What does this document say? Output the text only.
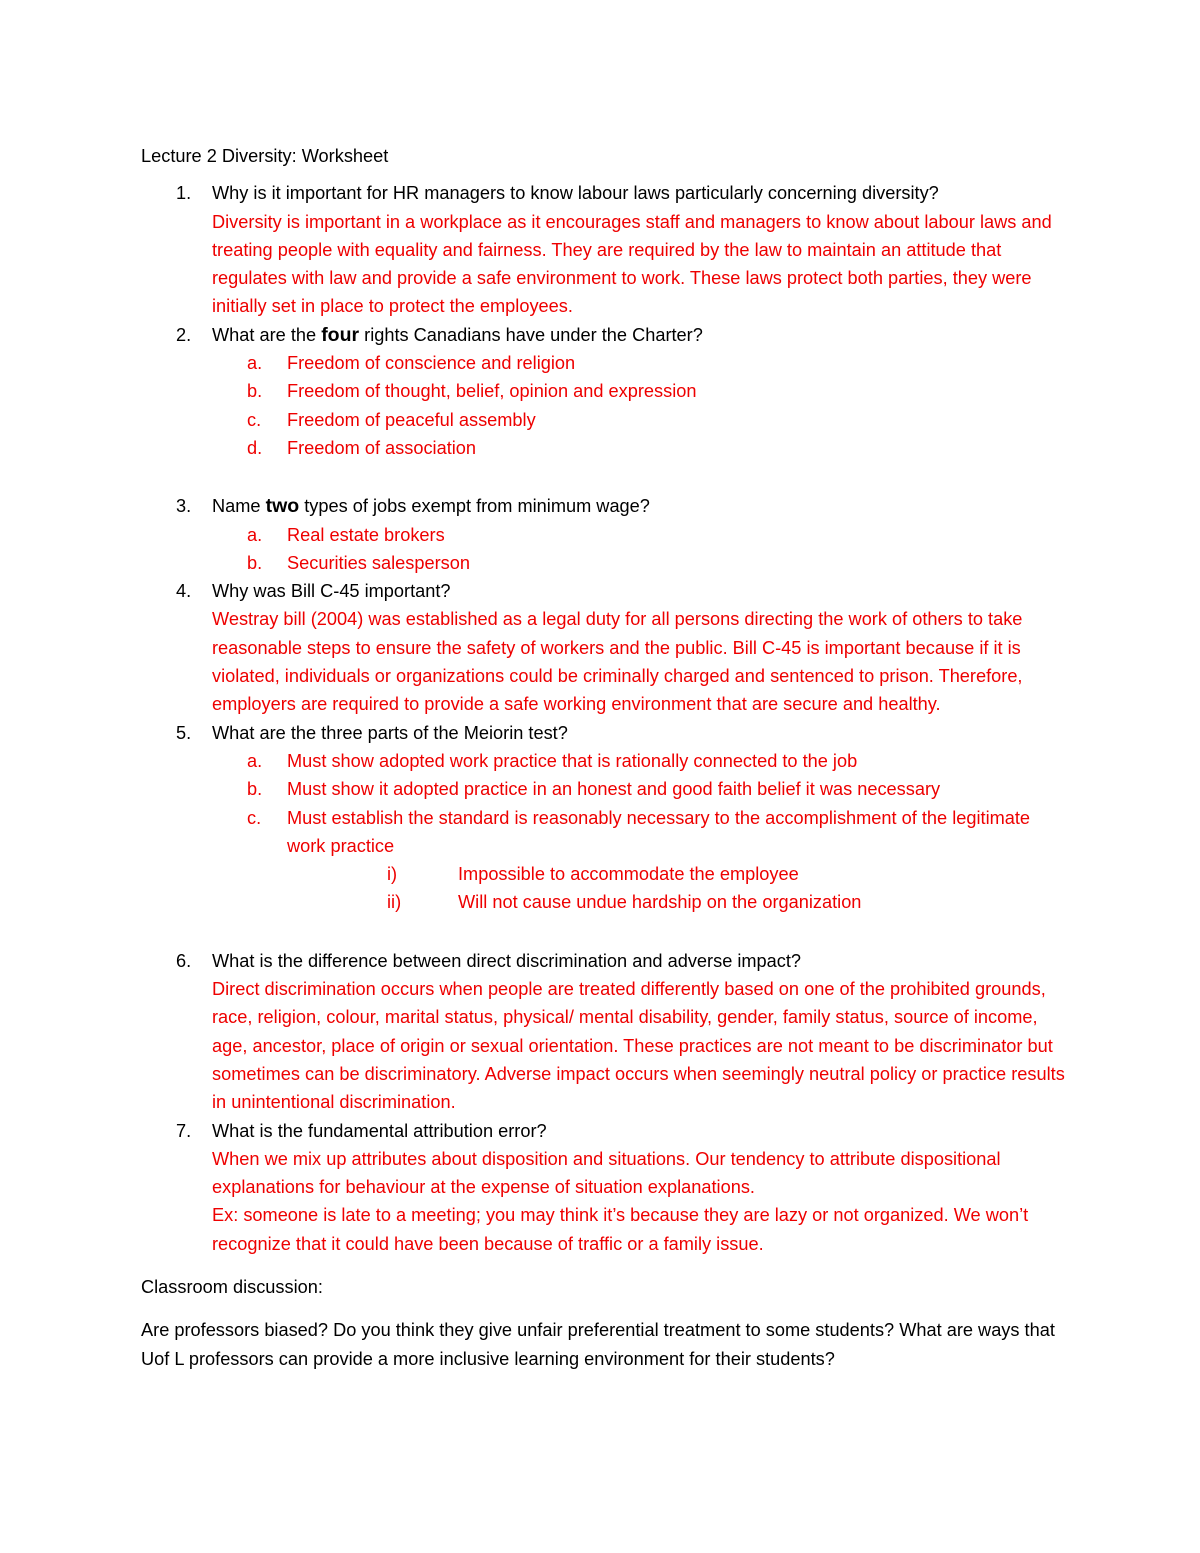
Lecture 2 Diversity: Worksheet
1. Why is it important for HR managers to know labour laws particularly concerning diversity?
Diversity is important in a workplace as it encourages staff and managers to know about labour laws and treating people with equality and fairness. They are required by the law to maintain an attitude that regulates with law and provide a safe environment to work. These laws protect both parties, they were initially set in place to protect the employees.
2. What are the four rights Canadians have under the Charter?
a. Freedom of conscience and religion
b. Freedom of thought, belief, opinion and expression
c. Freedom of peaceful assembly
d. Freedom of association
3. Name two types of jobs exempt from minimum wage?
a. Real estate brokers
b. Securities salesperson
4. Why was Bill C-45 important?
Westray bill (2004) was established as a legal duty for all persons directing the work of others to take reasonable steps to ensure the safety of workers and the public. Bill C-45 is important because if it is violated, individuals or organizations could be criminally charged and sentenced to prison. Therefore, employers are required to provide a safe working environment that are secure and healthy.
5. What are the three parts of the Meiorin test?
a. Must show adopted work practice that is rationally connected to the job
b. Must show it adopted practice in an honest and good faith belief it was necessary
c. Must establish the standard is reasonably necessary to the accomplishment of the legitimate work practice
i)	Impossible to accommodate the employee
ii)	Will not cause undue hardship on the organization
6. What is the difference between direct discrimination and adverse impact?
Direct discrimination occurs when people are treated differently based on one of the prohibited grounds, race, religion, colour, marital status, physical/ mental disability, gender, family status, source of income, age, ancestor, place of origin or sexual orientation. These practices are not meant to be discriminator but sometimes can be discriminatory. Adverse impact occurs when seemingly neutral policy or practice results in unintentional discrimination.
7. What is the fundamental attribution error?
When we mix up attributes about disposition and situations. Our tendency to attribute dispositional explanations for behaviour at the expense of situation explanations.
Ex: someone is late to a meeting; you may think it’s because they are lazy or not organized. We won’t recognize that it could have been because of traffic or a family issue.
Classroom discussion:
Are professors biased? Do you think they give unfair preferential treatment to some students? What are ways that Uof L professors can provide a more inclusive learning environment for their students?
